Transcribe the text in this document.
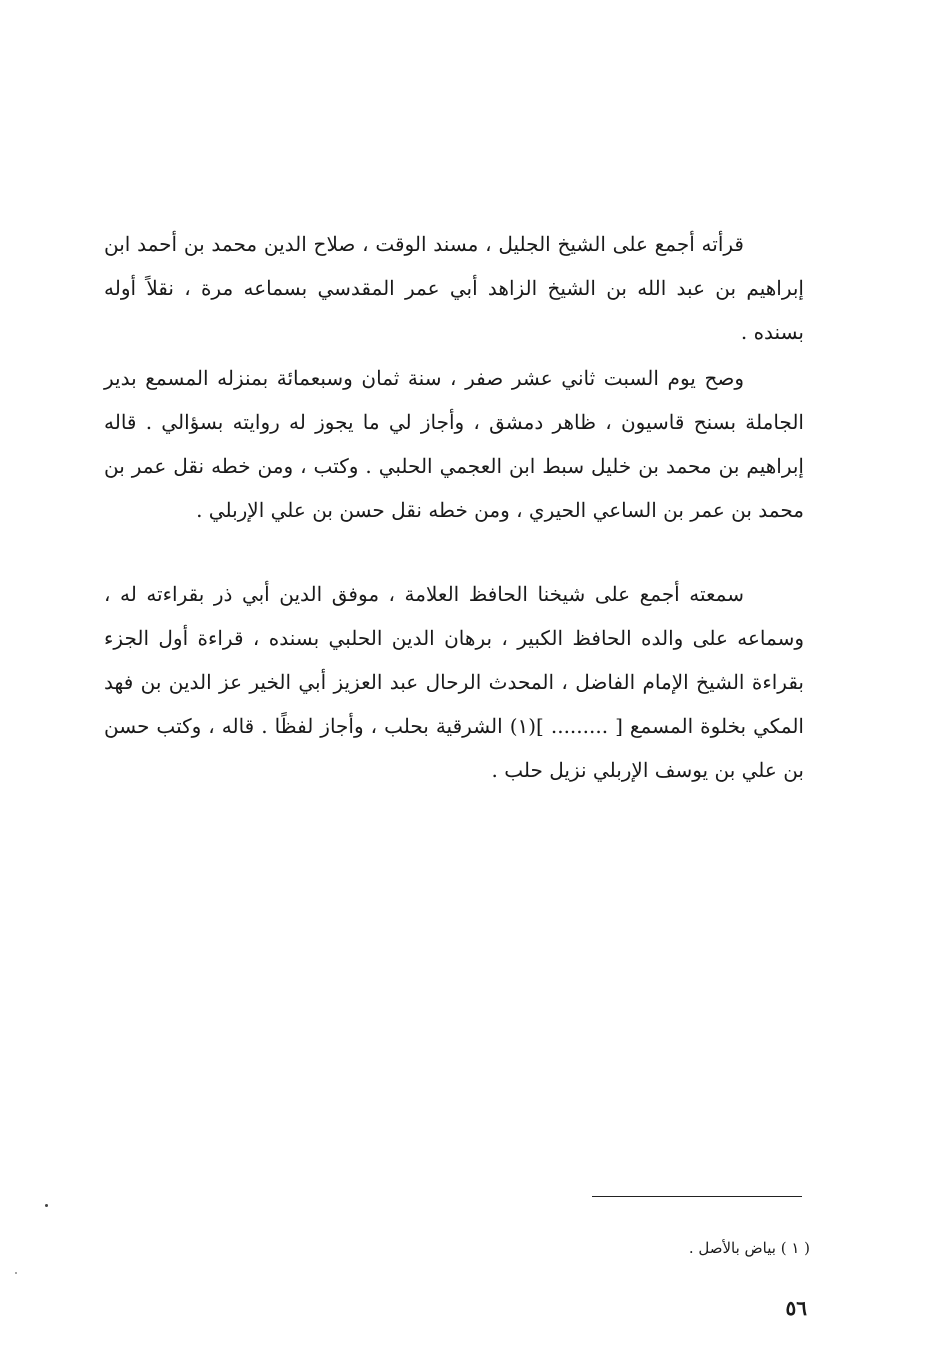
قرأته أجمع على الشيخ الجليل ، مسند الوقت ، صلاح الدين محمد بن أحمد ابن إبراهيم بن عبد الله بن الشيخ الزاهد أبي عمر المقدسي بسماعه مرة ، نقلاً أوله بسنده .

وصح يوم السبت ثاني عشر صفر ، سنة ثمان وسبعمائة بمنزله المسمع بدير الجاملة بسنح قاسيون ، ظاهر دمشق ، وأجاز لي ما يجوز له روايته بسؤالي . قاله إبراهيم بن محمد بن خليل سبط ابن العجمي الحلبي . وكتب ، ومن خطه نقل عمر بن محمد بن عمر بن الساعي الحيري ، ومن خطه نقل حسن بن علي الإربلي .

سمعته أجمع على شيخنا الحافظ العلامة ، موفق الدين أبي ذر بقراءته له ، وسماعه على والده الحافظ الكبير ، برهان الدين الحلبي بسنده ، قراءة أول الجزء بقراءة الشيخ الإمام الفاضل ، المحدث الرحال عبد العزيز أبي الخير عز الدين بن فهد المكي بخلوة المسمع [ ......... ](١) الشرقية بحلب ، وأجاز لفظًا . قاله ، وكتب حسن بن علي بن يوسف الإربلي نزيل حلب .

( ١ ) بياض بالأصل .
٥٦
